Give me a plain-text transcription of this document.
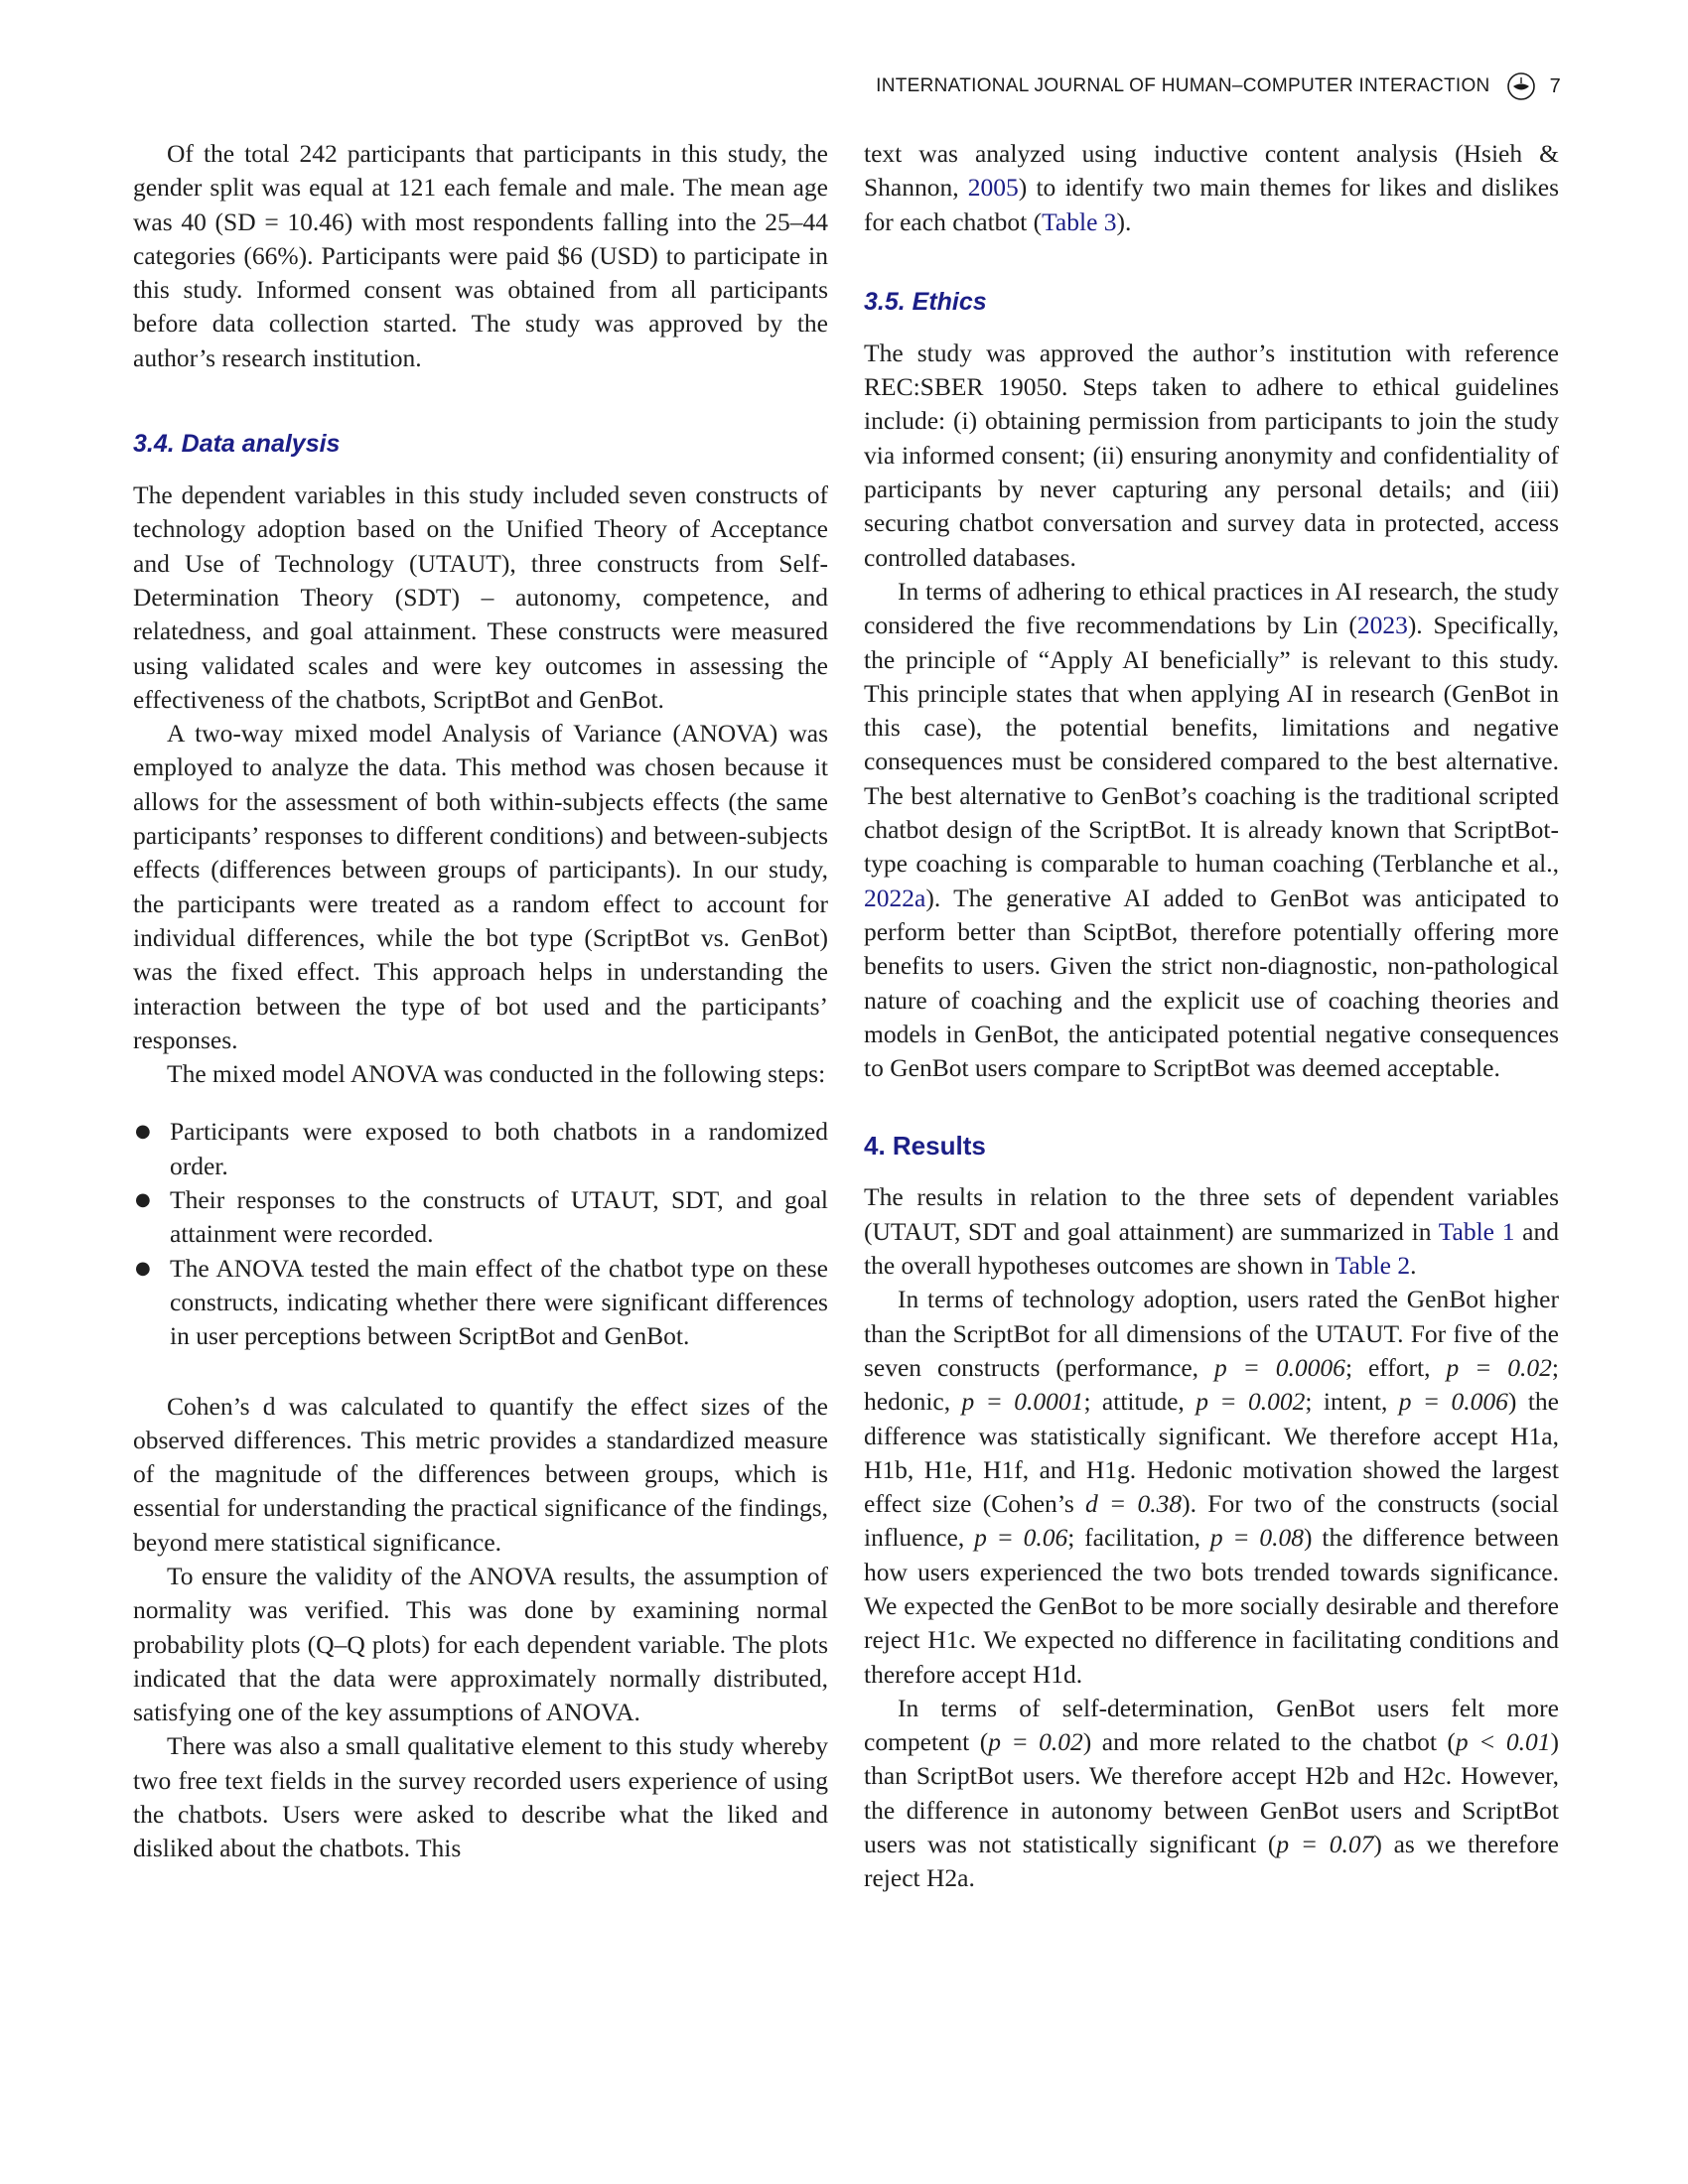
INTERNATIONAL JOURNAL OF HUMAN–COMPUTER INTERACTION	7

Of the total 242 participants that participants in this study, the gender split was equal at 121 each female and male. The mean age was 40 (SD = 10.46) with most respondents falling into the 25–44 categories (66%). Participants were paid $6 (USD) to participate in this study. Informed consent was obtained from all participants before data collection started. The study was approved by the author’s research institution.

3.4. Data analysis

The dependent variables in this study included seven constructs of technology adoption based on the Unified Theory of Acceptance and Use of Technology (UTAUT), three constructs from Self-Determination Theory (SDT) – autonomy, competence, and relatedness, and goal attainment. These constructs were measured using validated scales and were key outcomes in assessing the effectiveness of the chatbots, ScriptBot and GenBot.

A two-way mixed model Analysis of Variance (ANOVA) was employed to analyze the data. This method was chosen because it allows for the assessment of both within-subjects effects (the same participants’ responses to different conditions) and between-subjects effects (differences between groups of participants). In our study, the participants were treated as a random effect to account for individual differences, while the bot type (ScriptBot vs. GenBot) was the fixed effect. This approach helps in understanding the interaction between the type of bot used and the participants’ responses.

The mixed model ANOVA was conducted in the following steps:

● Participants were exposed to both chatbots in a randomized order.
● Their responses to the constructs of UTAUT, SDT, and goal attainment were recorded.
● The ANOVA tested the main effect of the chatbot type on these constructs, indicating whether there were significant differences in user perceptions between ScriptBot and GenBot.

Cohen’s d was calculated to quantify the effect sizes of the observed differences. This metric provides a standardized measure of the magnitude of the differences between groups, which is essential for understanding the practical significance of the findings, beyond mere statistical significance.

To ensure the validity of the ANOVA results, the assumption of normality was verified. This was done by examining normal probability plots (Q–Q plots) for each dependent variable. The plots indicated that the data were approximately normally distributed, satisfying one of the key assumptions of ANOVA.

There was also a small qualitative element to this study whereby two free text fields in the survey recorded users experience of using the chatbots. Users were asked to describe what the liked and disliked about the chatbots. This

text was analyzed using inductive content analysis (Hsieh & Shannon, 2005) to identify two main themes for likes and dislikes for each chatbot (Table 3).

3.5. Ethics

The study was approved the author’s institution with reference REC:SBER 19050. Steps taken to adhere to ethical guidelines include: (i) obtaining permission from participants to join the study via informed consent; (ii) ensuring anonymity and confidentiality of participants by never capturing any personal details; and (iii) securing chatbot conversation and survey data in protected, access controlled databases.

In terms of adhering to ethical practices in AI research, the study considered the five recommendations by Lin (2023). Specifically, the principle of “Apply AI beneficially” is relevant to this study. This principle states that when applying AI in research (GenBot in this case), the potential benefits, limitations and negative consequences must be considered compared to the best alternative. The best alternative to GenBot’s coaching is the traditional scripted chatbot design of the ScriptBot. It is already known that ScriptBot-type coaching is comparable to human coaching (Terblanche et al., 2022a). The generative AI added to GenBot was anticipated to perform better than SciptBot, therefore potentially offering more benefits to users. Given the strict non-diagnostic, non-pathological nature of coaching and the explicit use of coaching theories and models in GenBot, the anticipated potential negative consequences to GenBot users compare to ScriptBot was deemed acceptable.

4. Results

The results in relation to the three sets of dependent variables (UTAUT, SDT and goal attainment) are summarized in Table 1 and the overall hypotheses outcomes are shown in Table 2.

In terms of technology adoption, users rated the GenBot higher than the ScriptBot for all dimensions of the UTAUT. For five of the seven constructs (performance, p = 0.0006; effort, p = 0.02; hedonic, p = 0.0001; attitude, p = 0.002; intent, p = 0.006) the difference was statistically significant. We therefore accept H1a, H1b, H1e, H1f, and H1g. Hedonic motivation showed the largest effect size (Cohen’s d = 0.38). For two of the constructs (social influence, p = 0.06; facilitation, p = 0.08) the difference between how users experienced the two bots trended towards significance. We expected the GenBot to be more socially desirable and therefore reject H1c. We expected no difference in facilitating conditions and therefore accept H1d.

In terms of self-determination, GenBot users felt more competent (p = 0.02) and more related to the chatbot (p < 0.01) than ScriptBot users. We therefore accept H2b and H2c. However, the difference in autonomy between GenBot users and ScriptBot users was not statistically significant (p = 0.07) as we therefore reject H2a.
